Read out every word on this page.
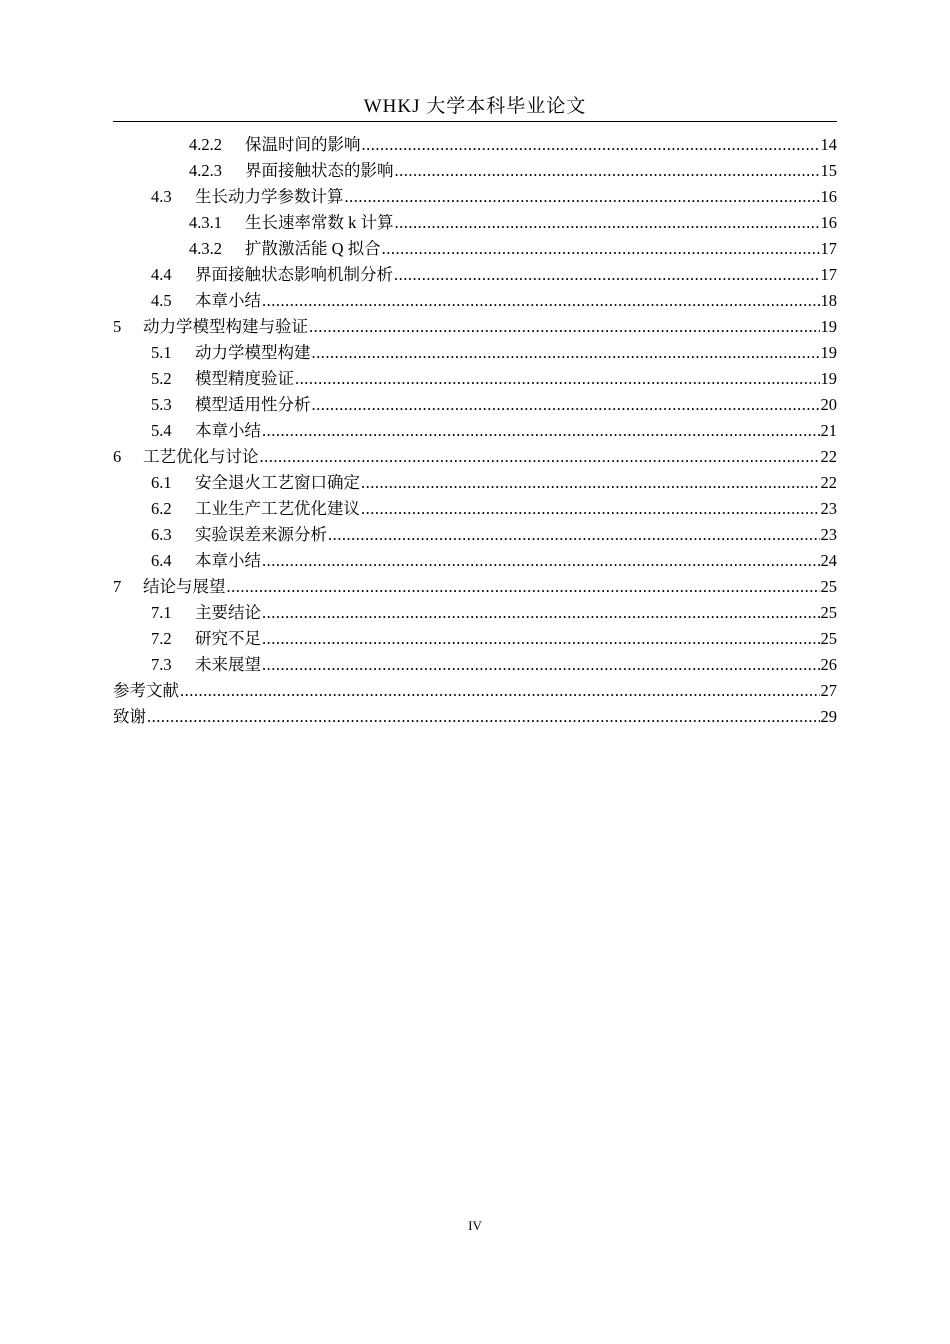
WHKJ 大学本科毕业论文
4.2.2	保温时间的影响 .....	14
4.2.3	界面接触状态的影响 .....	15
4.3	生长动力学参数计算 .....	16
4.3.1	生长速率常数 k 计算 .....	16
4.3.2	扩散激活能 Q 拟合 .....	17
4.4	界面接触状态影响机制分析 .....	17
4.5	本章小结 .....	18
5	动力学模型构建与验证 .....	19
5.1	动力学模型构建 .....	19
5.2	模型精度验证 .....	19
5.3	模型适用性分析 .....	20
5.4	本章小结 .....	21
6	工艺优化与讨论 .....	22
6.1	安全退火工艺窗口确定 .....	22
6.2	工业生产工艺优化建议 .....	23
6.3	实验误差来源分析 .....	23
6.4	本章小结 .....	24
7	结论与展望 .....	25
7.1	主要结论 .....	25
7.2	研究不足 .....	25
7.3	未来展望 .....	26
参考文献 .....	27
致谢 .....	29
IV
